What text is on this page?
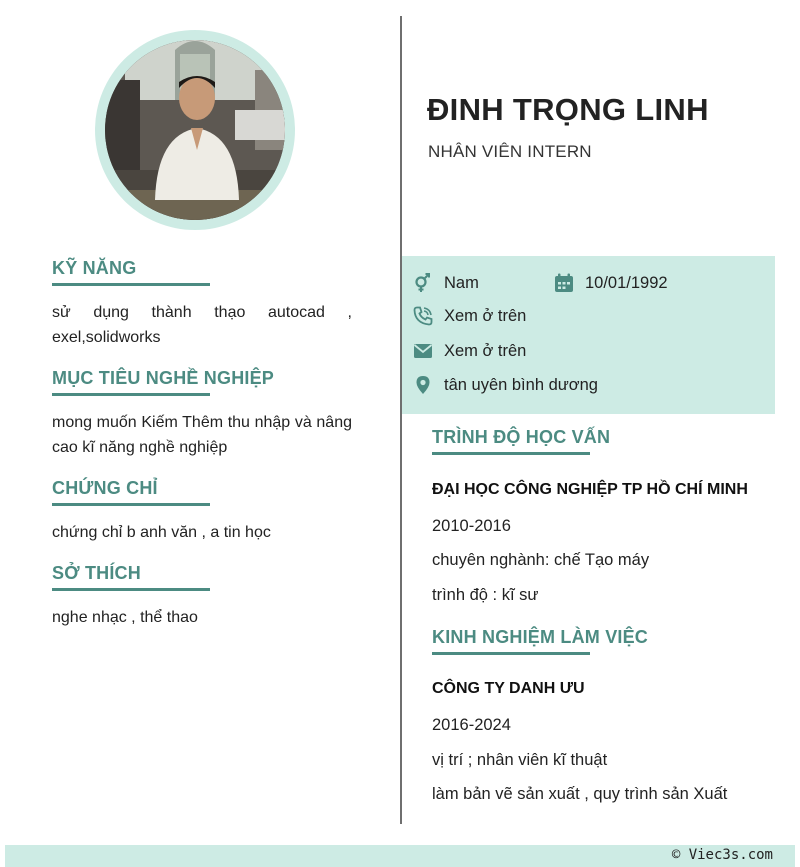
KỸ NĂNG
sử dụng thành thạo autocad , exel,solidworks
MỤC TIÊU NGHỀ NGHIỆP
mong muốn Kiếm Thêm thu nhập và nâng cao kĩ năng nghề nghiệp
CHỨNG CHỈ
chứng chỉ b anh văn , a tin học
SỞ THÍCH
nghe nhạc , thể thao
ĐINH TRỌNG LINH
NHÂN VIÊN INTERN
Nam	10/01/1992
Xem ở trên
Xem ở trên
tân uyên bình dương
TRÌNH ĐỘ HỌC VẤN
ĐẠI HỌC CÔNG NGHIỆP TP HỒ CHÍ MINH
2010-2016
chuyên nghành: chế Tạo máy
trình độ : kĩ sư
KINH NGHIỆM LÀM VIỆC
CÔNG TY DANH ƯU
2016-2024
vị trí ; nhân viên kĩ thuật
làm bản vẽ sản xuất , quy trình sản Xuất
© Viec3s.com
